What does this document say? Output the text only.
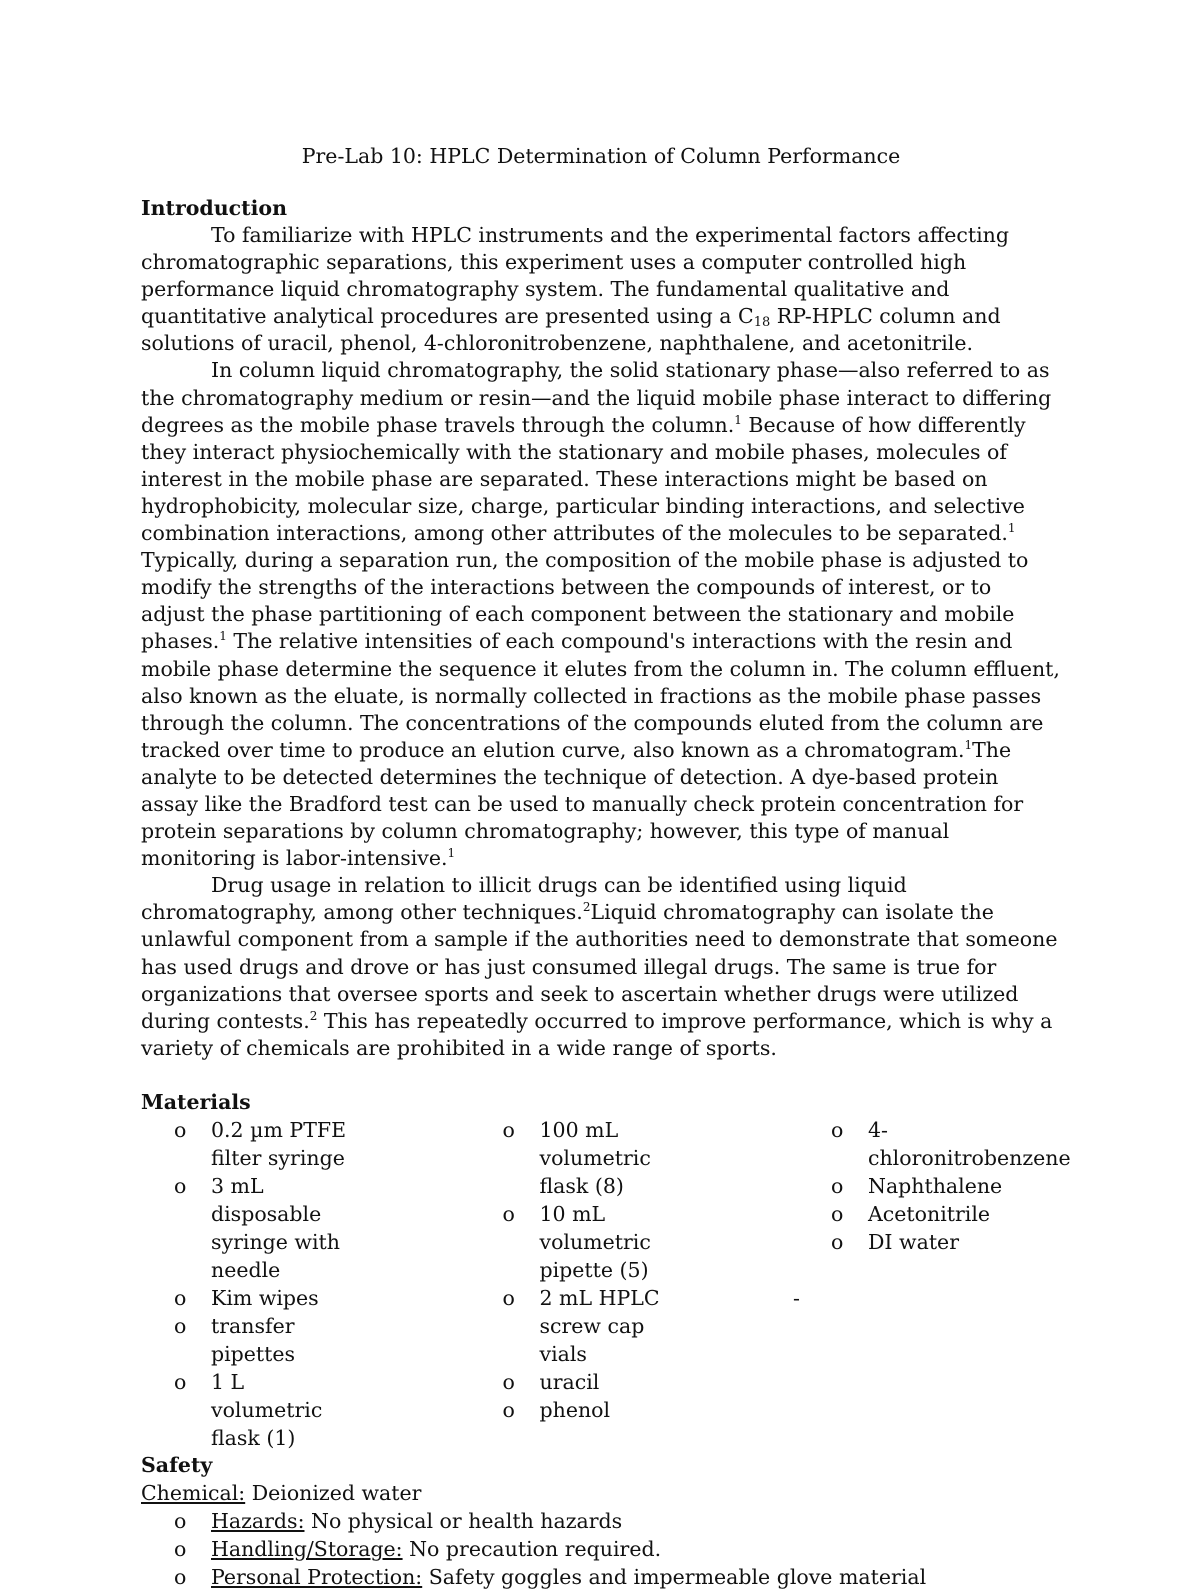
Pre-Lab 10: HPLC Determination of Column Performance
Introduction

To familiarize with HPLC instruments and the experimental factors affecting chromatographic separations, this experiment uses a computer controlled high performance liquid chromatography system. The fundamental qualitative and quantitative analytical procedures are presented using a $C_{18}$ RP-HPLC column and solutions of uracil, phenol, 4-chloronitrobenzene, naphthalene, and acetonitrile.

In column liquid chromatography, the solid stationary phase—also referred to as the chromatography medium or resin—and the liquid mobile phase interact to differing degrees as the mobile phase travels through the column.$^1$ Because of how differently they interact physiochemically with the stationary and mobile phases, molecules of interest in the mobile phase are separated. These interactions might be based on hydrophobicity, molecular size, charge, particular binding interactions, and selective combination interactions, among other attributes of the molecules to be separated.$^1$ Typically, during a separation run, the composition of the mobile phase is adjusted to modify the strengths of the interactions between the compounds of interest, or to adjust the phase partitioning of each component between the stationary and mobile phases.$^1$ The relative intensities of each compound's interactions with the resin and mobile phase determine the sequence it elutes from the column in. The column effluent, also known as the eluate, is normally collected in fractions as the mobile phase passes through the column. The concentrations of the compounds eluted from the column are tracked over time to produce an elution curve, also known as a chromatogram.$^1$The analyte to be detected determines the technique of detection. A dye-based protein assay like the Bradford test can be used to manually check protein concentration for protein separations by column chromatography; however, this type of manual monitoring is labor-intensive.$^1$

Drug usage in relation to illicit drugs can be identified using liquid chromatography, among other techniques.$^2$Liquid chromatography can isolate the unlawful component from a sample if the authorities need to demonstrate that someone has used drugs and drove or has just consumed illegal drugs. The same is true for organizations that oversee sports and seek to ascertain whether drugs were utilized during contests.$^2$ This has repeatedly occurred to improve performance, which is why a variety of chemicals are prohibited in a wide range of sports.

Materials
o	0.2 µm PTFE filter syringe
o	3 mL disposable syringe with needle
o	Kim wipes
o	transfer pipettes
o	1 L volumetric flask (1)
o	100 mL volumetric flask (8)
o	10 mL volumetric pipette (5)
o	2 mL HPLC screw cap vials
o	uracil
o	phenol
o	4-chloronitrobenzene
o	Naphthalene
o	Acetonitrile
o	DI water

-
Safety

Chemical: Deionized water

o	Hazards: No physical or health hazards
o	Handling/Storage: No precaution required.
o	Personal Protection: Safety goggles and impermeable glove material
